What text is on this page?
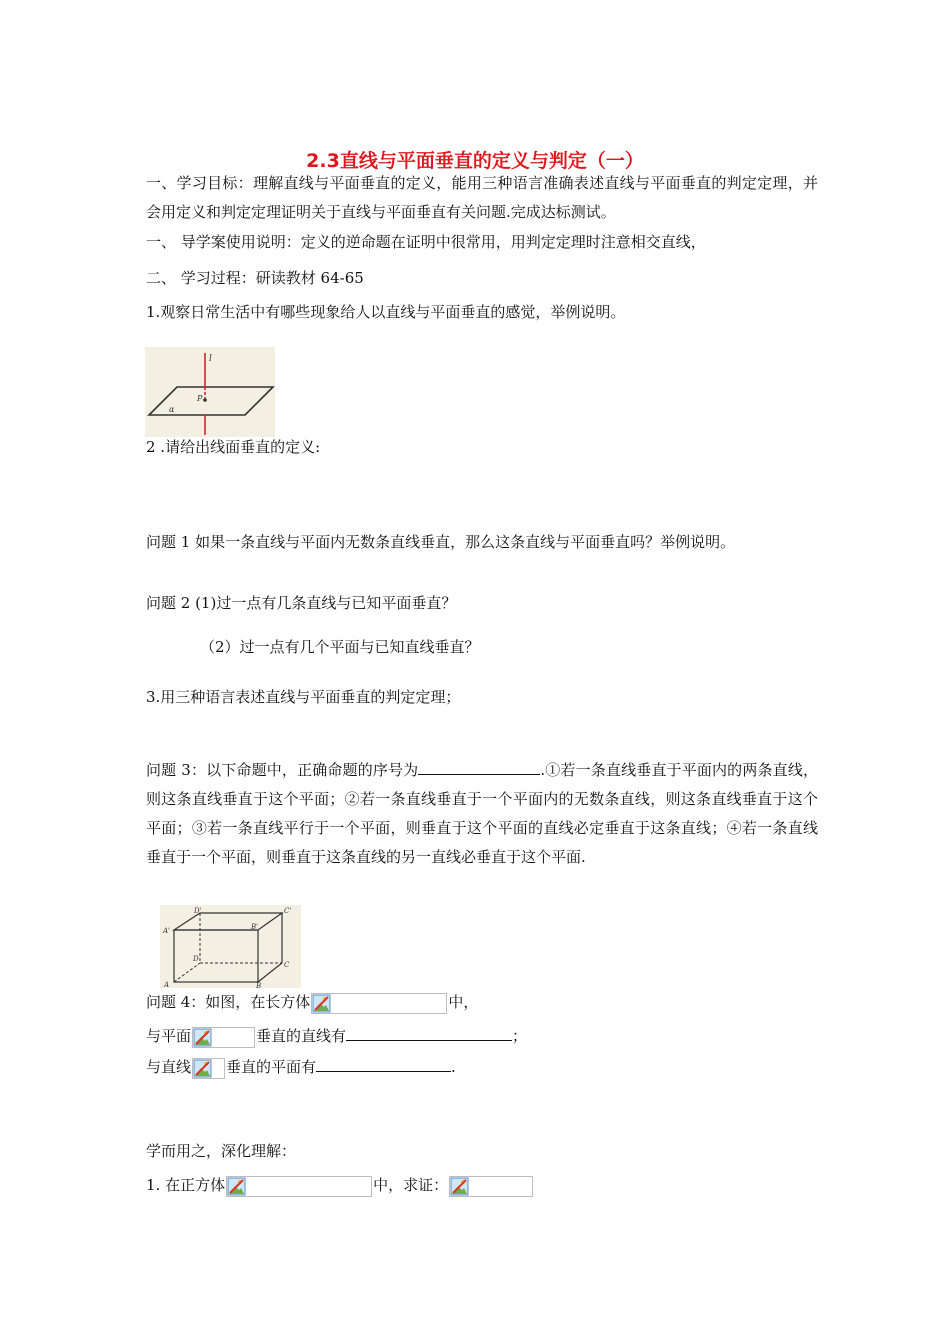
2.3直线与平面垂直的定义与判定（一）
一、学习目标：理解直线与平面垂直的定义，能用三种语言准确表述直线与平面垂直的判定定理，并会用定义和判定定理证明关于直线与平面垂直有关问题.完成达标测试。
一、 导学案使用说明：定义的逆命题在证明中很常用，用判定定理时注意相交直线，
二、 学习过程：研读教材 64-65
1.观察日常生活中有哪些现象给人以直线与平面垂直的感觉，举例说明。
l
P
α
2 .请给出线面垂直的定义:
问题 1 如果一条直线与平面内无数条直线垂直，那么这条直线与平面垂直吗？举例说明。
问题 2 (1)过一点有几条直线与已知平面垂直？
（2）过一点有几个平面与已知直线垂直？
3.用三种语言表述直线与平面垂直的判定定理；
问题 3：以下命题中，正确命题的序号为	.①若一条直线垂直于平面内的两条直线，则这条直线垂直于这个平面；②若一条直线垂直于一个平面内的无数条直线，则这条直线垂直于这个平面；③若一条直线平行于一个平面，则垂直于这个平面的直线必定垂直于这条直线；④若一条直线垂直于一个平面，则垂直于这条直线的另一直线必垂直于这个平面.
D'	C'
A'	B'
D
C
A	B
问题 4：如图，在长方体	中，
与平面	垂直的直线有	；
与直线 垂直的平面有	.
学而用之，深化理解：
1. 在正方体	中，求证：
